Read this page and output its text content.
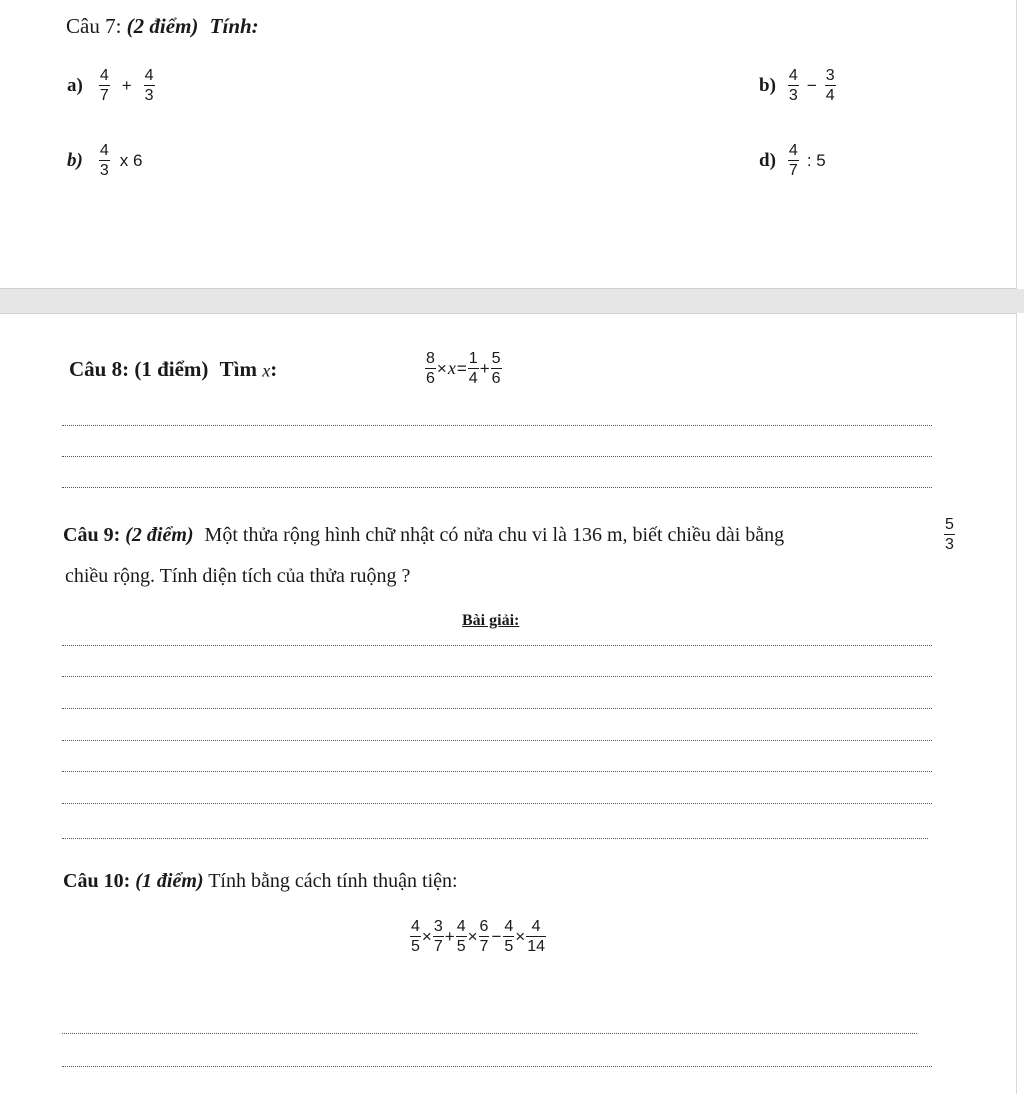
Câu 7: (2 điểm) Tính:
$a) \frac{4}{7} + \frac{4}{3}$	$b) \frac{4}{3} - \frac{3}{4}$
$b) \frac{4}{3}$ x 6	$d) \frac{4}{7}$ : 5
Câu 8: (1 điểm) Tìm x:	$\frac{8}{6} \times x= \frac{1}{4} + \frac{5}{6}$
Câu 9: (2 điểm) Một thửa rộng hình chữ nhật có nửa chu vi là 136 m, biết chiều dài bằng	$\frac{5}{3}$
chiều rộng. Tính diện tích của thửa ruộng ?
Bài giải:
Câu 10: (1 điểm) Tính bằng cách tính thuận tiện:
$\frac{4}{5} \times \frac{3}{7} + \frac{4}{5} \times \frac{6}{7} - \frac{4}{5} \times \frac{4}{14}$
